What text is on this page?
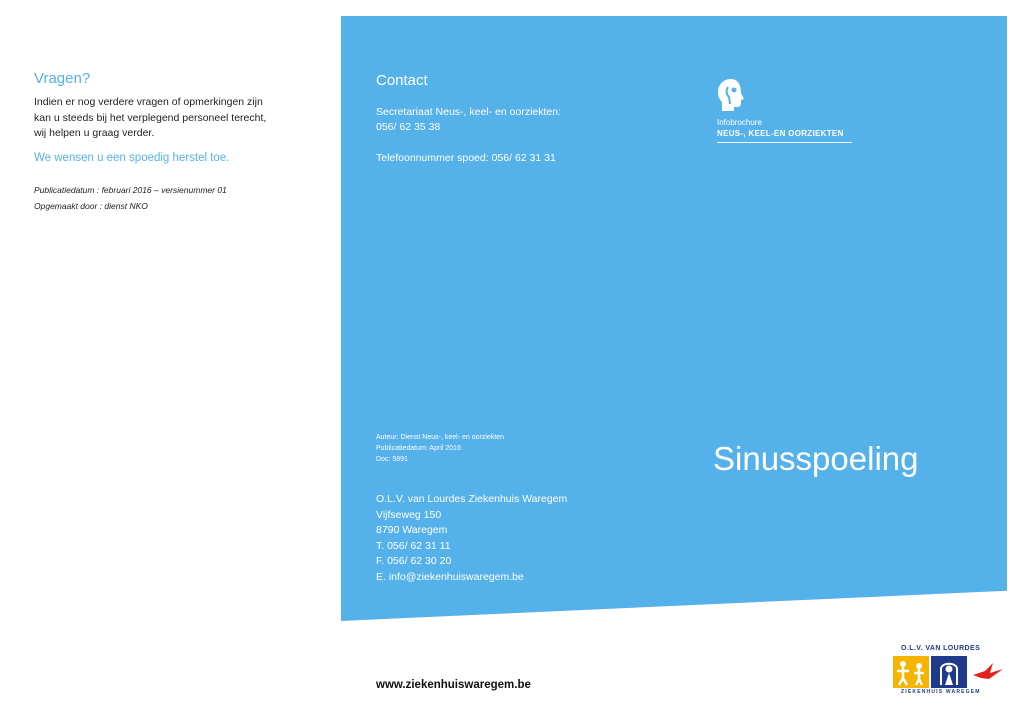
Vragen?

Indien er nog verdere vragen of opmerkingen zijn
kan u steeds bij het verplegend personeel terecht,
wij helpen u graag verder.

We wensen u een spoedig herstel toe.

Publicatiedatum : februari 2016 – versienummer 01

Opgemaakt door : dienst NKO

Contact

Secretariaat Neus-, keel- en oorziekten:

056/ 62 35 38

Telefoonnummer spoed: 056/ 62 31 31

Infobrochure
NEUS-, KEEL-EN OORZIEKTEN
Auteur: Dienst Neus-, keel- en oorziekten
Publicatiedatum: April 2016
Doc: 5891
O.L.V. van Lourdes Ziekenhuis Waregem
Vijfseweg 150
8790 Waregem
T. 056/ 62 31 11
F. 056/ 62 30 20
E. info@ziekenhuiswaregem.be
Sinusspoeling
www.ziekenhuiswaregem.be
O.L.V. VAN LOURDES
ZIEKENHUIS WAREGEM
